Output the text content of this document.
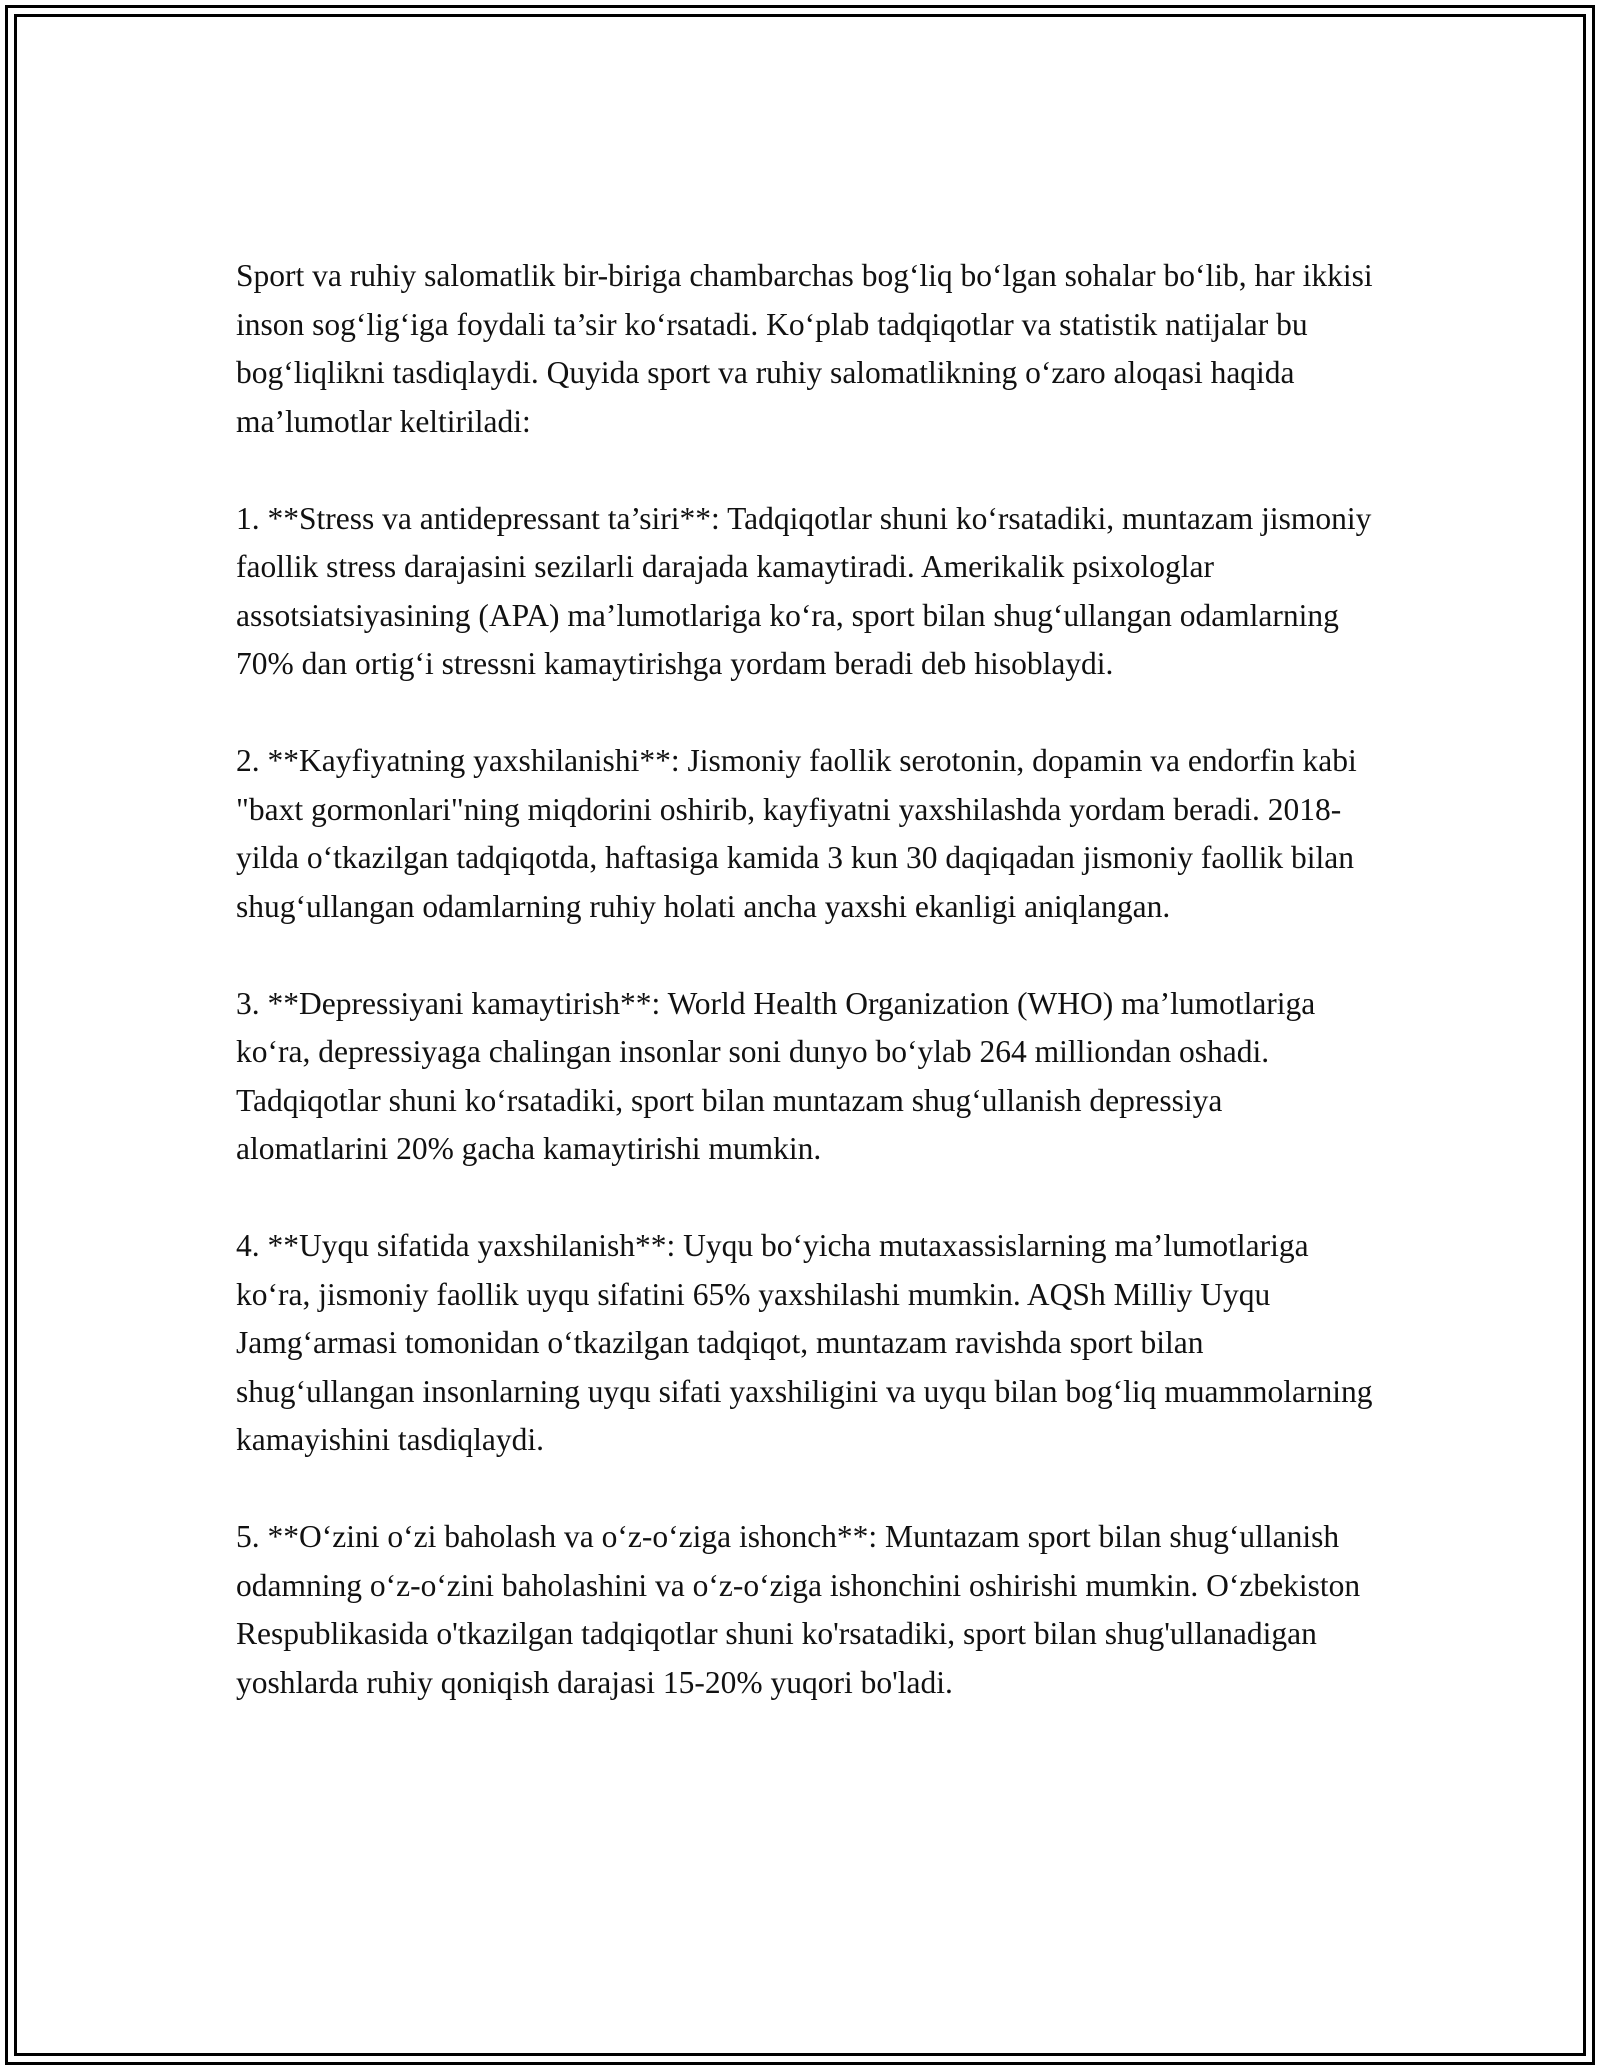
Sport va ruhiy salomatlik bir-biriga chambarchas bog‘liq bo‘lgan sohalar bo‘lib, har ikkisi inson sog‘lig‘iga foydali ta’sir ko‘rsatadi. Ko‘plab tadqiqotlar va statistik natijalar bu bog‘liqlikni tasdiqlaydi. Quyida sport va ruhiy salomatlikning o‘zaro aloqasi haqida ma’lumotlar keltiriladi:

1. **Stress va antidepressant ta’siri**: Tadqiqotlar shuni ko‘rsatadiki, muntazam jismoniy faollik stress darajasini sezilarli darajada kamaytiradi. Amerikalik psixologlar assotsiatsiyasining (APA) ma’lumotlariga ko‘ra, sport bilan shug‘ullangan odamlarning 70% dan ortig‘i stressni kamaytirishga yordam beradi deb hisoblaydi.

2. **Kayfiyatning yaxshilanishi**: Jismoniy faollik serotonin, dopamin va endorfin kabi "baxt gormonlari"ning miqdorini oshirib, kayfiyatni yaxshilashda yordam beradi. 2018-yilda o‘tkazilgan tadqiqotda, haftasiga kamida 3 kun 30 daqiqadan jismoniy faollik bilan shug‘ullangan odamlarning ruhiy holati ancha yaxshi ekanligi aniqlangan.

3. **Depressiyani kamaytirish**: World Health Organization (WHO) ma’lumotlariga ko‘ra, depressiyaga chalingan insonlar soni dunyo bo‘ylab 264 milliondan oshadi. Tadqiqotlar shuni ko‘rsatadiki, sport bilan muntazam shug‘ullanish depressiya alomatlarini 20% gacha kamaytirishi mumkin.

4. **Uyqu sifatida yaxshilanish**: Uyqu bo‘yicha mutaxassislarning ma’lumotlariga ko‘ra, jismoniy faollik uyqu sifatini 65% yaxshilashi mumkin. AQSh Milliy Uyqu Jamg‘armasi tomonidan o‘tkazilgan tadqiqot, muntazam ravishda sport bilan shug‘ullangan insonlarning uyqu sifati yaxshiligini va uyqu bilan bog‘liq muammolarning kamayishini tasdiqlaydi.

5. **O‘zini o‘zi baholash va o‘z-o‘ziga ishonch**: Muntazam sport bilan shug‘ullanish odamning o‘z-o‘zini baholashini va o‘z-o‘ziga ishonchini oshirishi mumkin. O‘zbekiston Respublikasida o'tkazilgan tadqiqotlar shuni ko'rsatadiki, sport bilan shug'ullanadigan yoshlarda ruhiy qoniqish darajasi 15-20% yuqori bo'ladi.
